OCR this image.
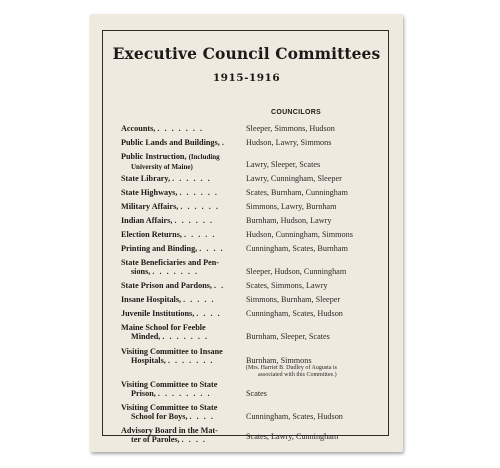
Executive Council Committees
1915-1916
COUNCILORS
Accounts, . . . . . . .	Sleeper, Simmons, Hudson
Public Lands and Buildings, .	Hudson, Lawry, Simmons
Public Instruction, (Including
University of Maine)	Lawry, Sleeper, Scates
State Library, . . . . . .	Lawry, Cunningham, Sleeper
State Highways, . . . . . .	Scates, Burnham, Cunningham
Military Affairs, . . . . . .	Simmons, Lawry, Burnham
Indian Affairs, . . . . . .	Burnham, Hudson, Lawry
Election Returns, . . . . .	Hudson, Cunningham, Simmons
Printing and Binding, . . . .	Cunningham, Scates, Burnham
State Beneficiaries and Pen-
sions, . . . . . . .	Sleeper, Hudson, Cunningham
State Prison and Pardons, . .	Scates, Simmons, Lawry
Insane Hospitals, . . . . .	Simmons, Burnham, Sleeper
Juvenile Institutions, . . . .	Cunningham, Scates, Hudson
Maine School for Feeble
Minded, . . . . . . .	Burnham, Sleeper, Scates
Visiting Committee to Insane
Hospitals, . . . . . . .	Burnham, Simmons
(Mrs. Harriet B. Dudley of Augusta is
associated with this Committee.)
Visiting Committee to State
Prison, . . . . . . . .	Scates
Visiting Committee to State
School for Boys, . . . .	Cunningham, Scates, Hudson
Advisory Board in the Mat-
ter of Paroles, . . . .	Scates, Lawry, Cunningham
